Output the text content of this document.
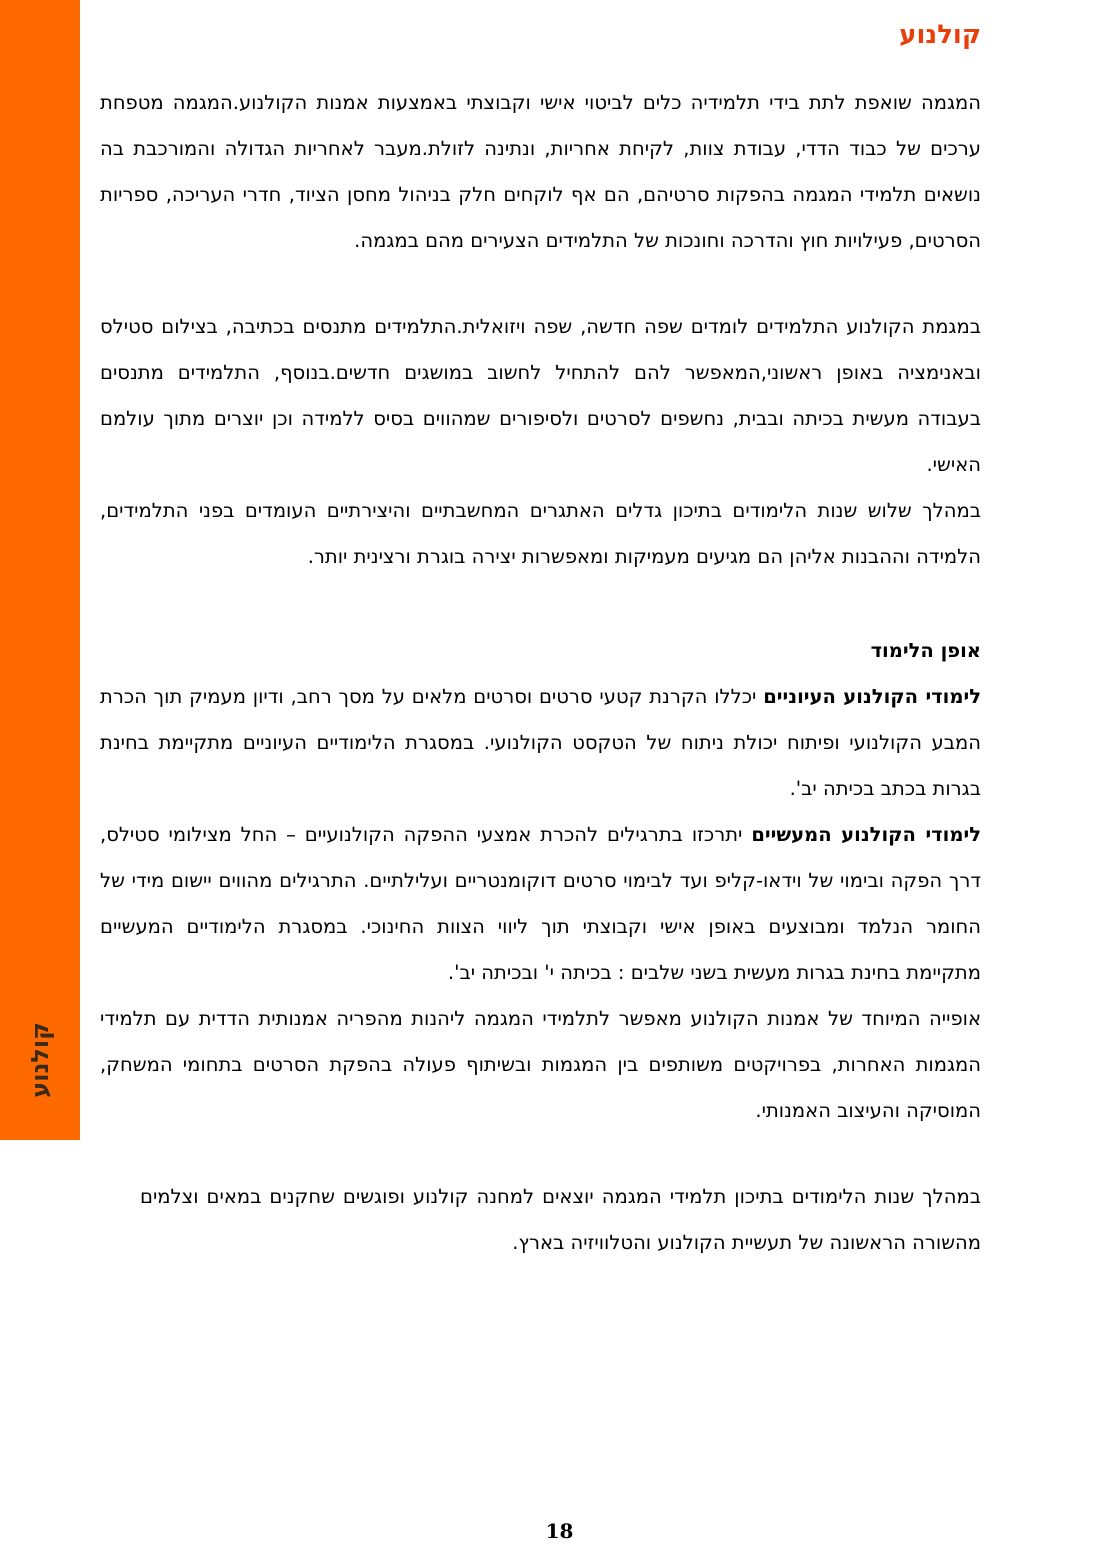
קולנוע
קולנוע

המגמה שואפת לתת בידי תלמידיה כלים לביטוי אישי וקבוצתי באמצעות אמנות הקולנוע.המגמה מטפחת ערכים של כבוד הדדי, עבודת צוות, לקיחת אחריות, ונתינה לזולת.מעבר לאחריות הגדולה והמורכבת בה נושאים תלמידי המגמה בהפקות סרטיהם, הם אף לוקחים חלק בניהול מחסן הציוד, חדרי העריכה, ספריות הסרטים, פעילויות חוץ והדרכה וחונכות של התלמידים הצעירים מהם במגמה.

במגמת הקולנוע התלמידים לומדים שפה חדשה, שפה ויזואלית.התלמידים מתנסים בכתיבה, בצילום סטילס ובאנימציה באופן ראשוני,המאפשר להם להתחיל לחשוב במושגים חדשים.בנוסף, התלמידים מתנסים בעבודה מעשית בכיתה ובבית, נחשפים לסרטים ולסיפורים שמהווים בסיס ללמידה וכן יוצרים מתוך עולמם האישי.

במהלך שלוש שנות הלימודים בתיכון גדלים האתגרים המחשבתיים והיצירתיים העומדים בפני התלמידים, הלמידה וההבנות אליהן הם מגיעים מעמיקות ומאפשרות יצירה בוגרת ורצינית יותר.

אופן הלימוד

לימודי הקולנוע העיוניים יכללו הקרנת קטעי סרטים וסרטים מלאים על מסך רחב, ודיון מעמיק תוך הכרת המבע הקולנועי ופיתוח יכולת ניתוח של הטקסט הקולנועי. במסגרת הלימודיים העיוניים מתקיימת בחינת בגרות בכתב בכיתה יב'.

לימודי הקולנוע המעשיים יתרכזו בתרגילים להכרת אמצעי ההפקה הקולנועיים – החל מצילומי סטילס, דרך הפקה ובימוי של וידאו-קליפ ועד לבימוי סרטים דוקומנטריים ועלילתיים. התרגילים מהווים יישום מידי של החומר הנלמד ומבוצעים באופן אישי וקבוצתי תוך ליווי הצוות החינוכי. במסגרת הלימודיים המעשיים מתקיימת בחינת בגרות מעשית בשני שלבים : בכיתה י' ובכיתה יב'.

אופייה המיוחד של אמנות הקולנוע מאפשר לתלמידי המגמה ליהנות מהפריה אמנותית הדדית עם תלמידי המגמות האחרות, בפרויקטים משותפים בין המגמות ובשיתוף פעולה בהפקת הסרטים בתחומי המשחק, המוסיקה והעיצוב האמנותי.

במהלך שנות הלימודים בתיכון תלמידי המגמה יוצאים למחנה קולנוע ופוגשים שחקנים במאים וצלמים מהשורה הראשונה של תעשיית הקולנוע והטלוויזיה בארץ.

18
